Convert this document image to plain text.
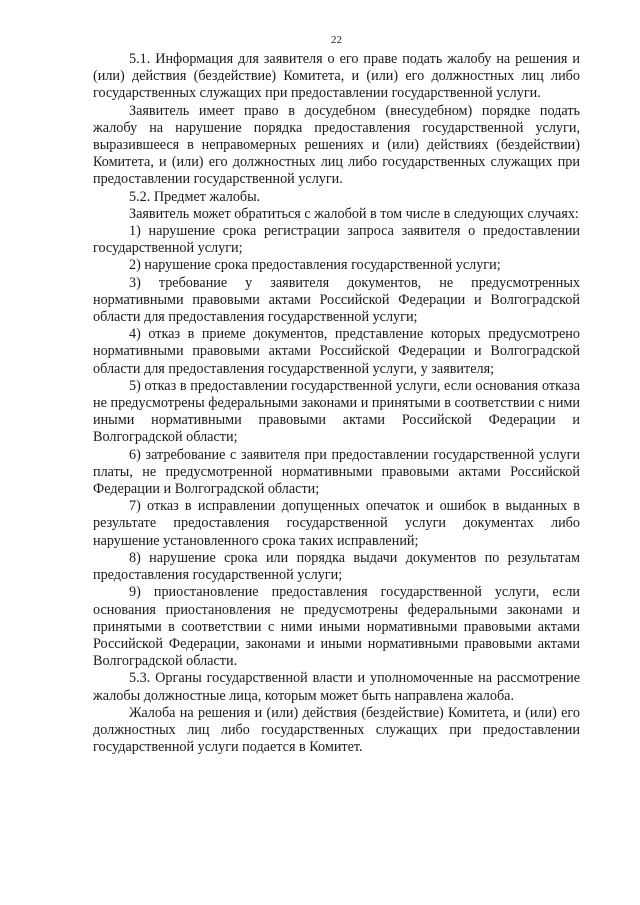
22

5.1. Информация для заявителя о его праве подать жалобу на решения и (или) действия (бездействие) Комитета, и (или) его должностных лиц либо государственных служащих при предоставлении государственной услуги.

Заявитель имеет право в досудебном (внесудебном) порядке подать жалобу на нарушение порядка предоставления государственной услуги, выразившееся в неправомерных решениях и (или) действиях (бездействии) Комитета, и (или) его должностных лиц либо государственных служащих при предоставлении государственной услуги.

5.2. Предмет жалобы.

Заявитель может обратиться с жалобой в том числе в следующих случаях:

1) нарушение срока регистрации запроса заявителя о предоставлении государственной услуги;

2) нарушение срока предоставления государственной услуги;

3) требование у заявителя документов, не предусмотренных нормативными правовыми актами Российской Федерации и Волгоградской области для предоставления государственной услуги;

4) отказ в приеме документов, представление которых предусмотрено нормативными правовыми актами Российской Федерации и Волгоградской области для предоставления государственной услуги, у заявителя;

5) отказ в предоставлении государственной услуги, если основания отказа не предусмотрены федеральными законами и принятыми в соответствии с ними иными нормативными правовыми актами Российской Федерации и Волгоградской области;

6) затребование с заявителя при предоставлении государственной услуги платы, не предусмотренной нормативными правовыми актами Российской Федерации и Волгоградской области;

7) отказ в исправлении допущенных опечаток и ошибок в выданных в результате предоставления государственной услуги документах либо нарушение установленного срока таких исправлений;

8) нарушение срока или порядка выдачи документов по результатам предоставления государственной услуги;

9) приостановление предоставления государственной услуги, если основания приостановления не предусмотрены федеральными законами и принятыми в соответствии с ними иными нормативными правовыми актами Российской Федерации, законами и иными нормативными правовыми актами Волгоградской области.

5.3. Органы государственной власти и уполномоченные на рассмотрение жалобы должностные лица, которым может быть направлена жалоба.

Жалоба на решения и (или) действия (бездействие) Комитета, и (или) его должностных лиц либо государственных служащих при предоставлении государственной услуги подается в Комитет.
